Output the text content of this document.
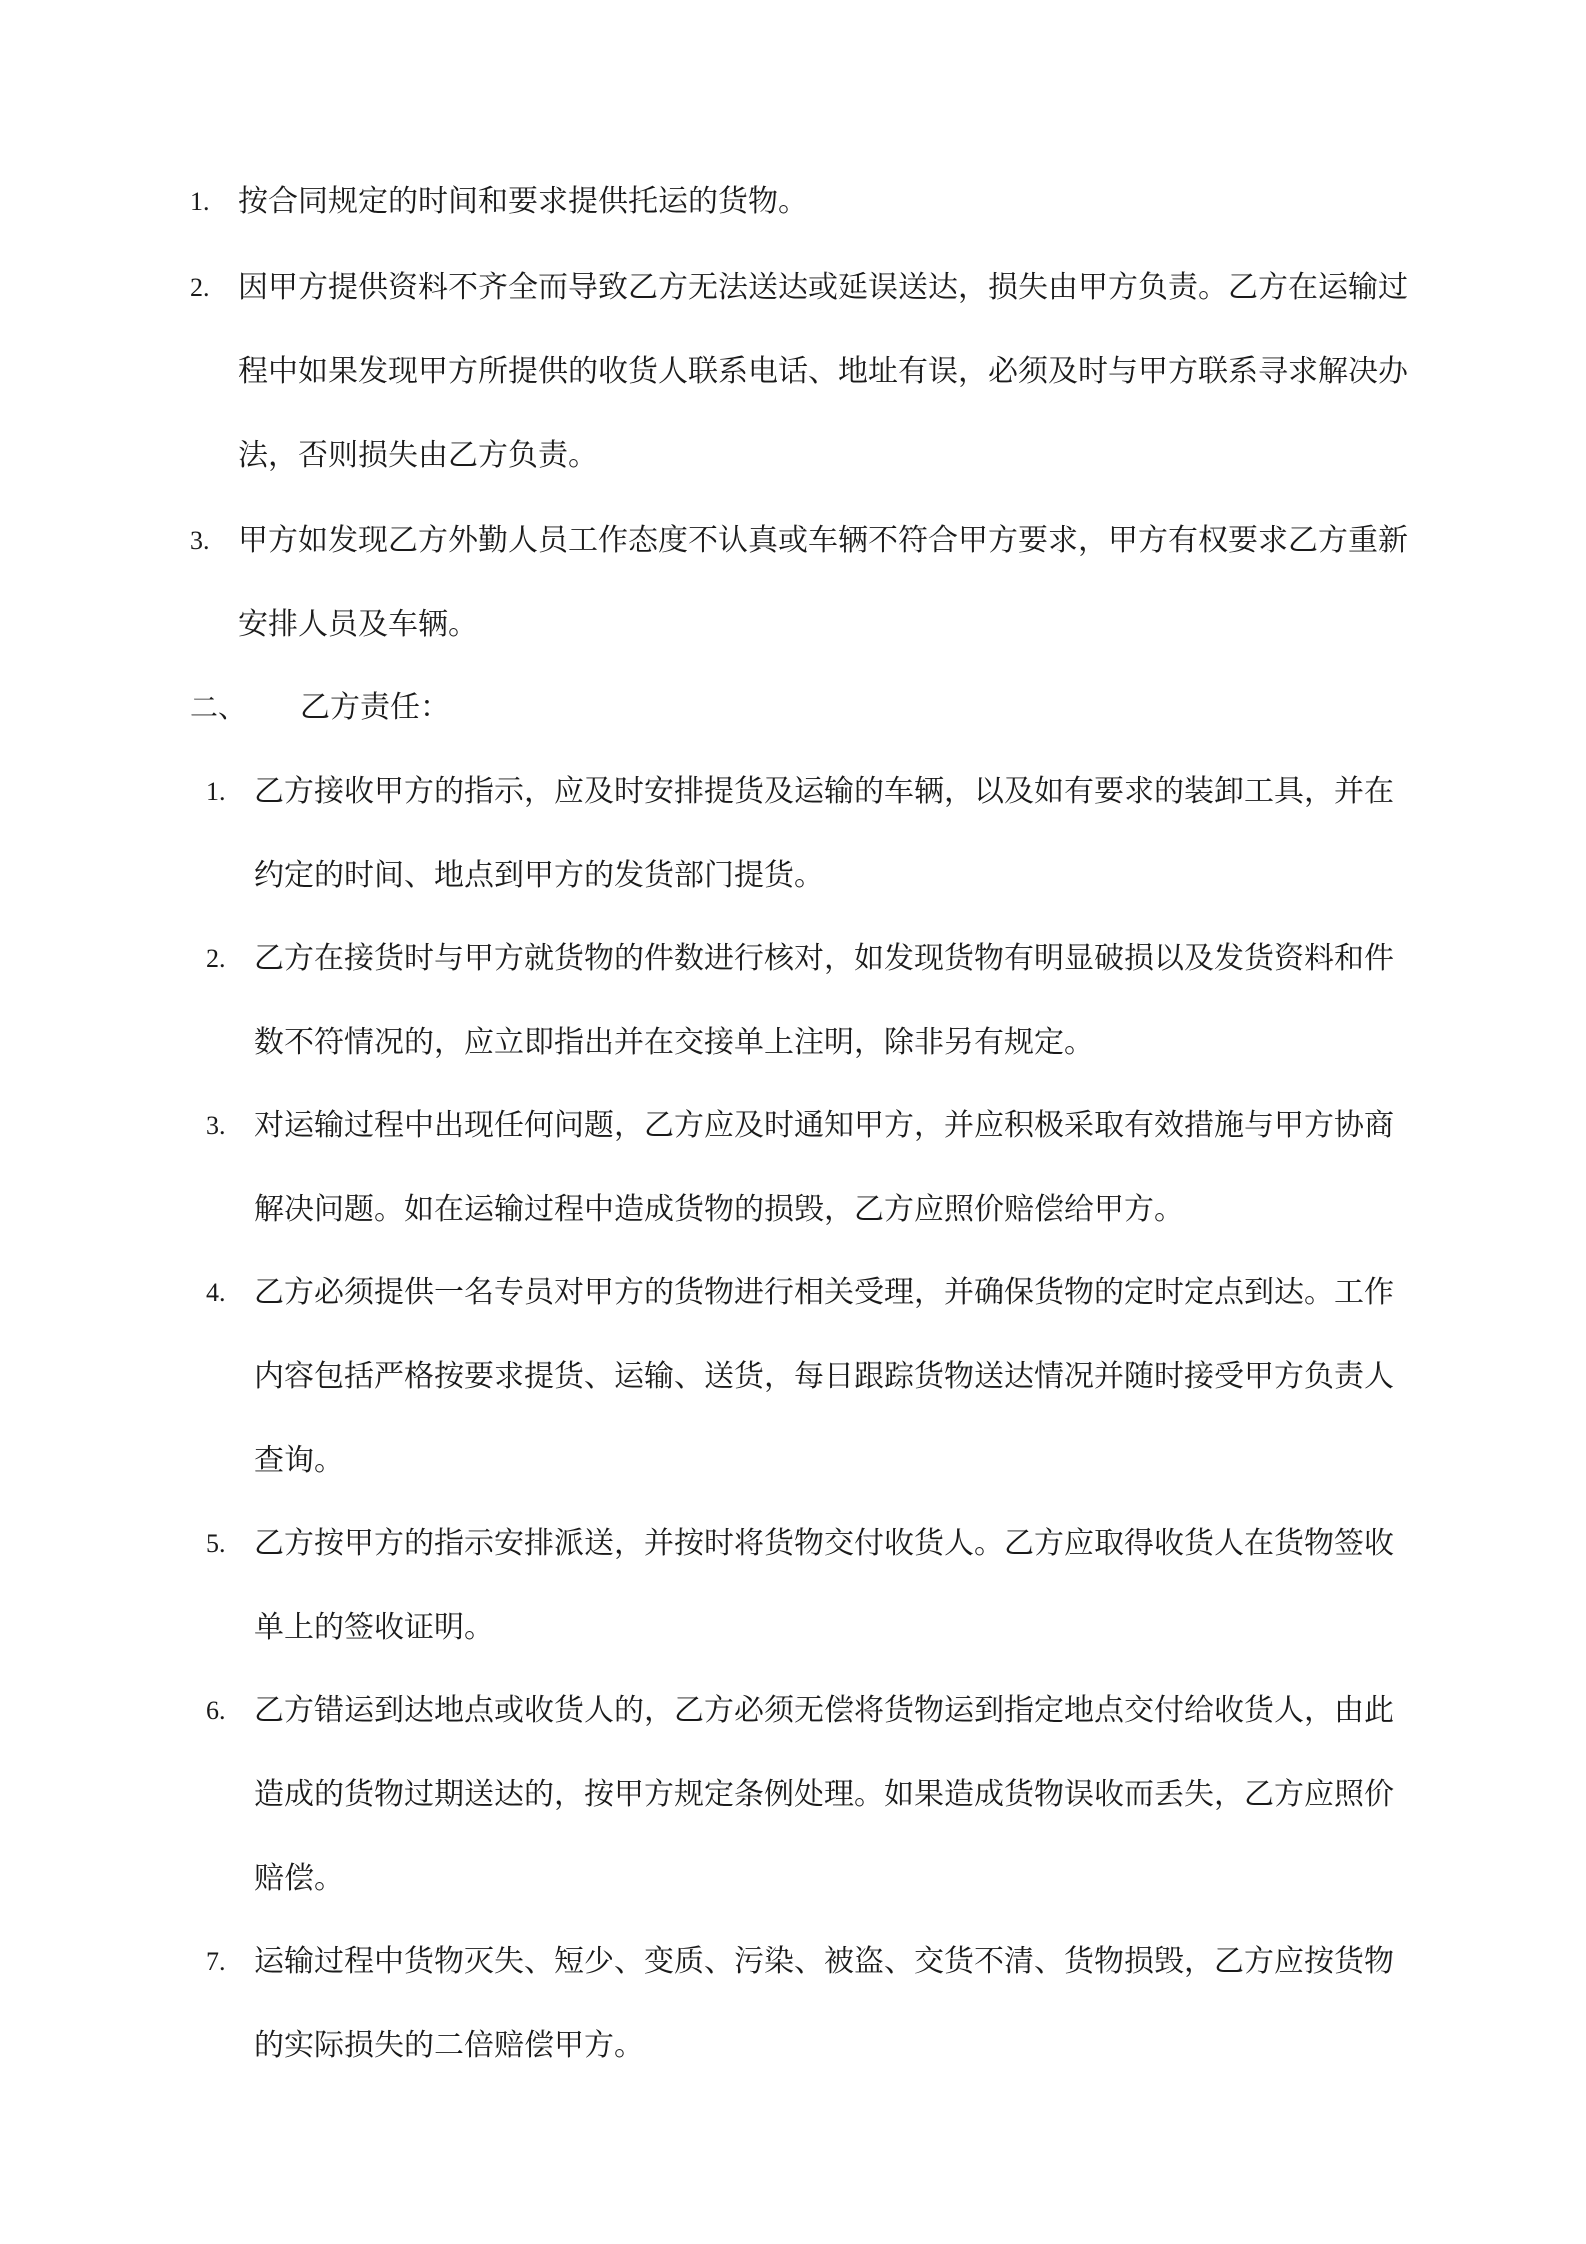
1. 按合同规定的时间和要求提供托运的货物。
2. 因甲方提供资料不齐全而导致乙方无法送达或延误送达，损失由甲方负责。乙方在运输过程中如果发现甲方所提供的收货人联系电话、地址有误，必须及时与甲方联系寻求解决办法，否则损失由乙方负责。
3. 甲方如发现乙方外勤人员工作态度不认真或车辆不符合甲方要求，甲方有权要求乙方重新安排人员及车辆。
二、 乙方责任：
1. 乙方接收甲方的指示，应及时安排提货及运输的车辆，以及如有要求的装卸工具，并在约定的时间、地点到甲方的发货部门提货。
2. 乙方在接货时与甲方就货物的件数进行核对，如发现货物有明显破损以及发货资料和件数不符情况的，应立即指出并在交接单上注明，除非另有规定。
3. 对运输过程中出现任何问题，乙方应及时通知甲方，并应积极采取有效措施与甲方协商解决问题。如在运输过程中造成货物的损毁，乙方应照价赔偿给甲方。
4. 乙方必须提供一名专员对甲方的货物进行相关受理，并确保货物的定时定点到达。工作内容包括严格按要求提货、运输、送货，每日跟踪货物送达情况并随时接受甲方负责人查询。
5. 乙方按甲方的指示安排派送，并按时将货物交付收货人。乙方应取得收货人在货物签收单上的签收证明。
6. 乙方错运到达地点或收货人的，乙方必须无偿将货物运到指定地点交付给收货人，由此造成的货物过期送达的，按甲方规定条例处理。如果造成货物误收而丢失，乙方应照价赔偿。
7. 运输过程中货物灭失、短少、变质、污染、被盗、交货不清、货物损毁，乙方应按货物的实际损失的二倍赔偿甲方。
